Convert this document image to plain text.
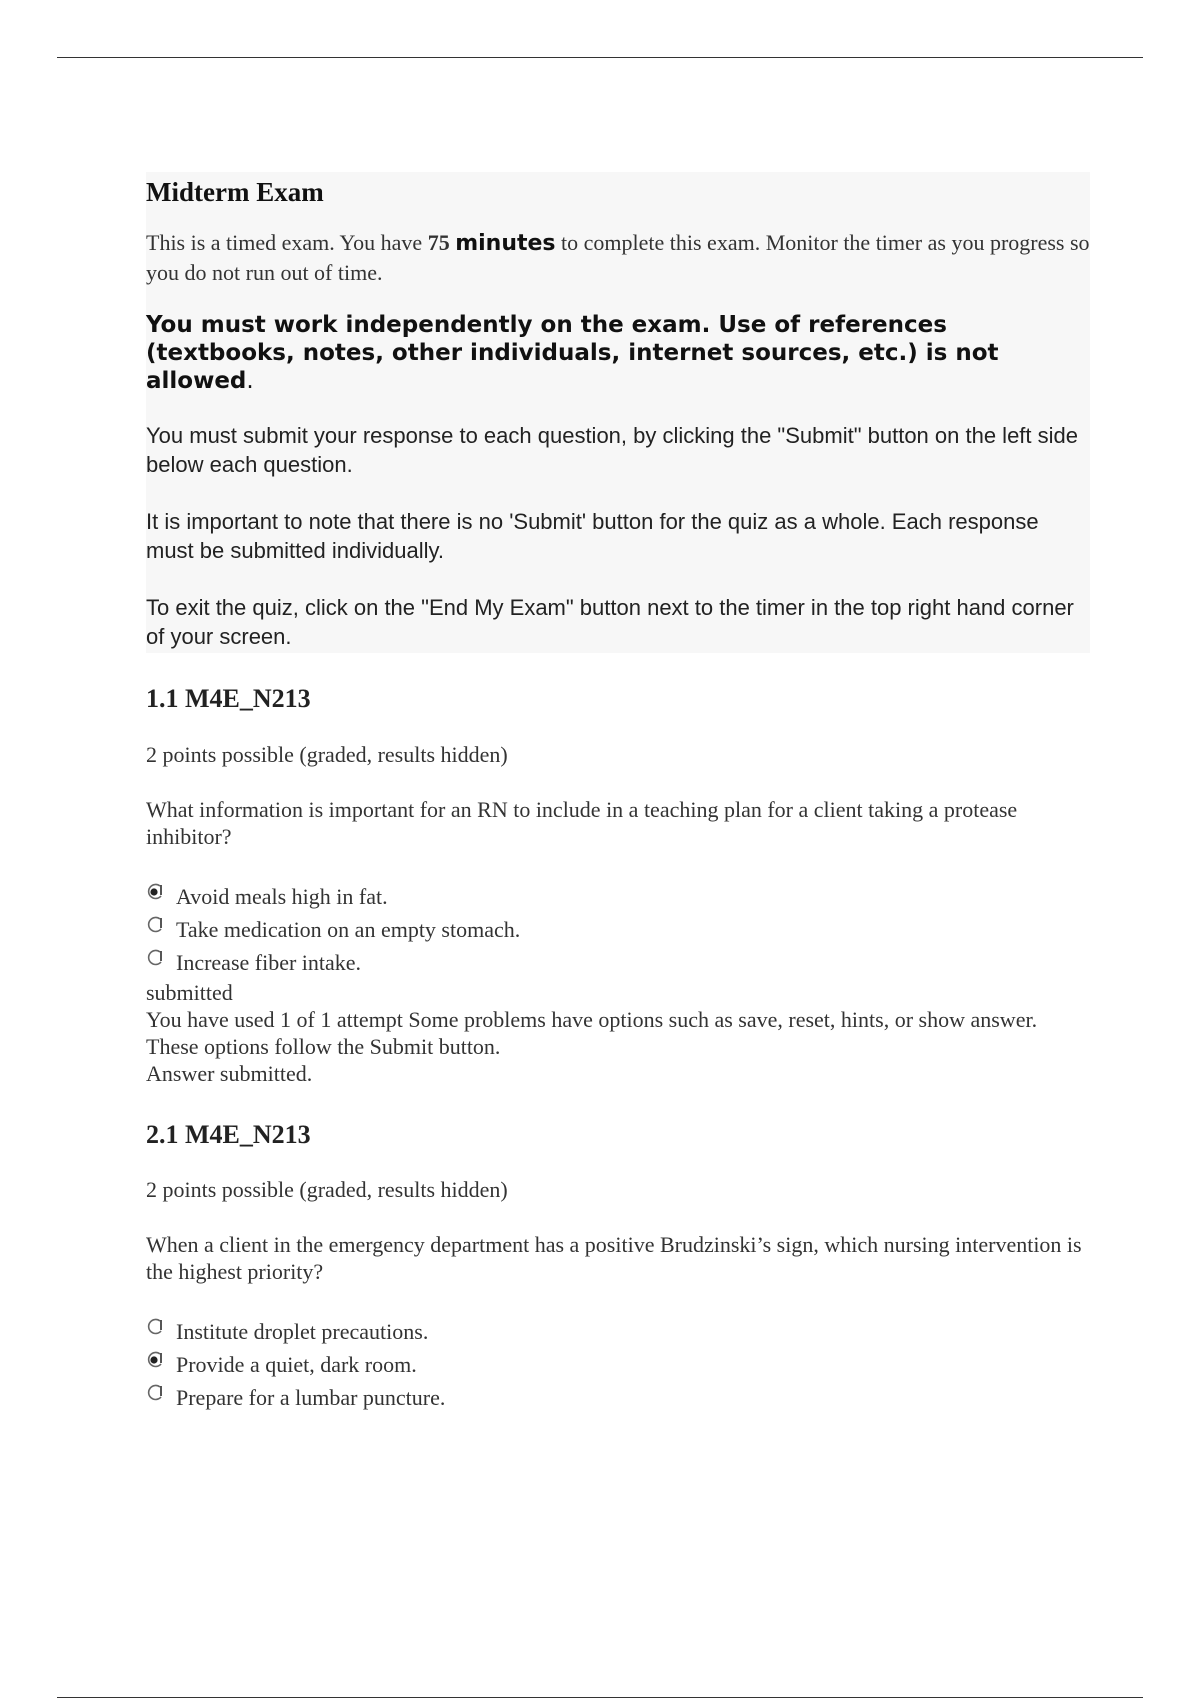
Midterm Exam

This is a timed exam. You have 75 minutes to complete this exam. Monitor the timer as you progress so you do not run out of time.

You must work independently on the exam. Use of references (textbooks, notes, other individuals, internet sources, etc.) is not allowed.

You must submit your response to each question, by clicking the "Submit" button on the left side below each question.

It is important to note that there is no 'Submit' button for the quiz as a whole. Each response must be submitted individually.

To exit the quiz, click on the "End My Exam" button next to the timer in the top right hand corner of your screen.

1.1 M4E_N213

2 points possible (graded, results hidden)

What information is important for an RN to include in a teaching plan for a client taking a protease inhibitor?

Avoid meals high in fat.
Take medication on an empty stomach.
Increase fiber intake.

submitted

You have used 1 of 1 attempt Some problems have options such as save, reset, hints, or show answer. These options follow the Submit button.

Answer submitted.

2.1 M4E_N213

2 points possible (graded, results hidden)

When a client in the emergency department has a positive Brudzinski’s sign, which nursing intervention is the highest priority?

Institute droplet precautions.
Provide a quiet, dark room.
Prepare for a lumbar puncture.
